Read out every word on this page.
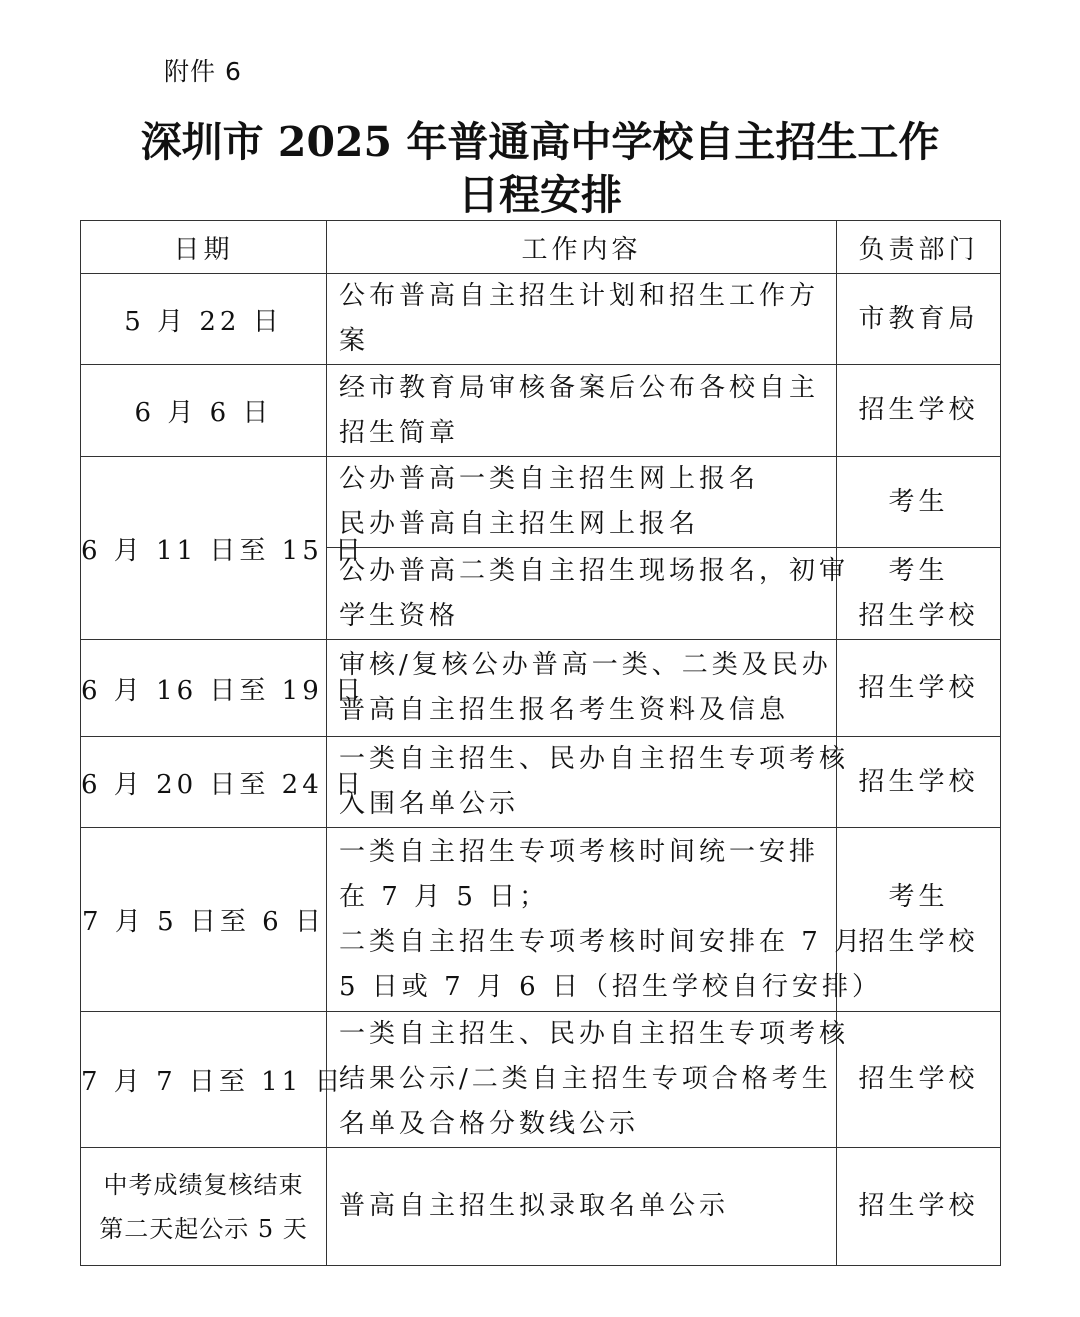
附件 6
深圳市 2025 年普通高中学校自主招生工作
日程安排
日期	工作内容	负责部门

5 月 22 日	公布普高自主招生计划和招生工作方
案	市教育局

6 月 6 日	经市教育局审核备案后公布各校自主
招生简章	招生学校

6 月 11 日至 15 日	公办普高一类自主招生网上报名
民办普高自主招生网上报名	考生

	公办普高二类自主招生现场报名，初审
学生资格	考生
招生学校

6 月 16 日至 19 日	审核/复核公办普高一类、二类及民办
普高自主招生报名考生资料及信息	招生学校

6 月 20 日至 24 日	一类自主招生、民办自主招生专项考核
入围名单公示	招生学校

7 月 5 日至 6 日	一类自主招生专项考核时间统一安排
在 7 月 5 日；
二类自主招生专项考核时间安排在 7 月
5 日或 7 月 6 日（招生学校自行安排）	考生
招生学校

7 月 7 日至 11 日	一类自主招生、民办自主招生专项考核
结果公示/二类自主招生专项合格考生
名单及合格分数线公示	招生学校

中考成绩复核结束
第二天起公示 5 天	普高自主招生拟录取名单公示	招生学校
